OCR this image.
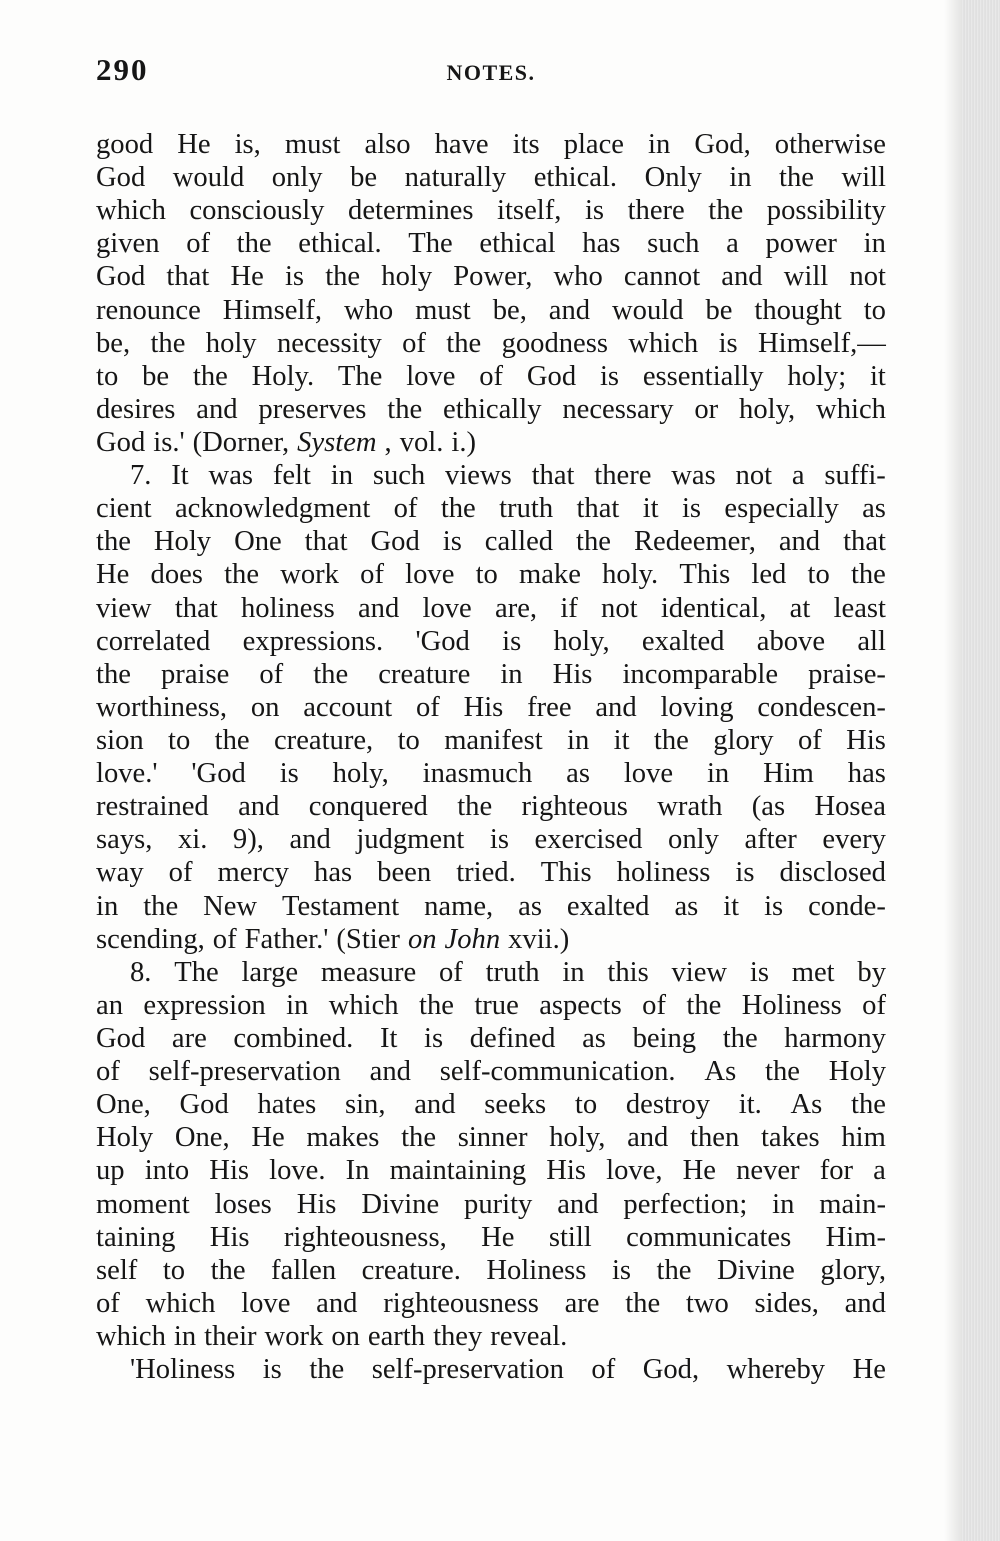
290	NOTES.
good He is, must also have its place in God, otherwise
God would only be naturally ethical. Only in the will
which consciously determines itself, is there the possibility
given of the ethical. The ethical has such a power in
God that He is the holy Power, who cannot and will not
renounce Himself, who must be, and would be thought to
be, the holy necessity of the goodness which is Himself,—
to be the Holy. The love of God is essentially holy; it
desires and preserves the ethically necessary or holy, which
God is.' (Dorner, System , vol. i.)
7. It was felt in such views that there was not a suffi-
cient acknowledgment of the truth that it is especially as
the Holy One that God is called the Redeemer, and that
He does the work of love to make holy. This led to the
view that holiness and love are, if not identical, at least
correlated expressions. 'God is holy, exalted above all
the praise of the creature in His incomparable praise-
worthiness, on account of His free and loving condescen-
sion to the creature, to manifest in it the glory of His
love.' 'God is holy, inasmuch as love in Him has
restrained and conquered the righteous wrath (as Hosea
says, xi. 9), and judgment is exercised only after every
way of mercy has been tried. This holiness is disclosed
in the New Testament name, as exalted as it is conde-
scending, of Father.' (Stier on John xvii.)
8. The large measure of truth in this view is met by
an expression in which the true aspects of the Holiness of
God are combined. It is defined as being the harmony
of self-preservation and self-communication. As the Holy
One, God hates sin, and seeks to destroy it. As the
Holy One, He makes the sinner holy, and then takes him
up into His love. In maintaining His love, He never for a
moment loses His Divine purity and perfection; in main-
taining His righteousness, He still communicates Him-
self to the fallen creature. Holiness is the Divine glory,
of which love and righteousness are the two sides, and
which in their work on earth they reveal.
'Holiness is the self-preservation of God, whereby He
